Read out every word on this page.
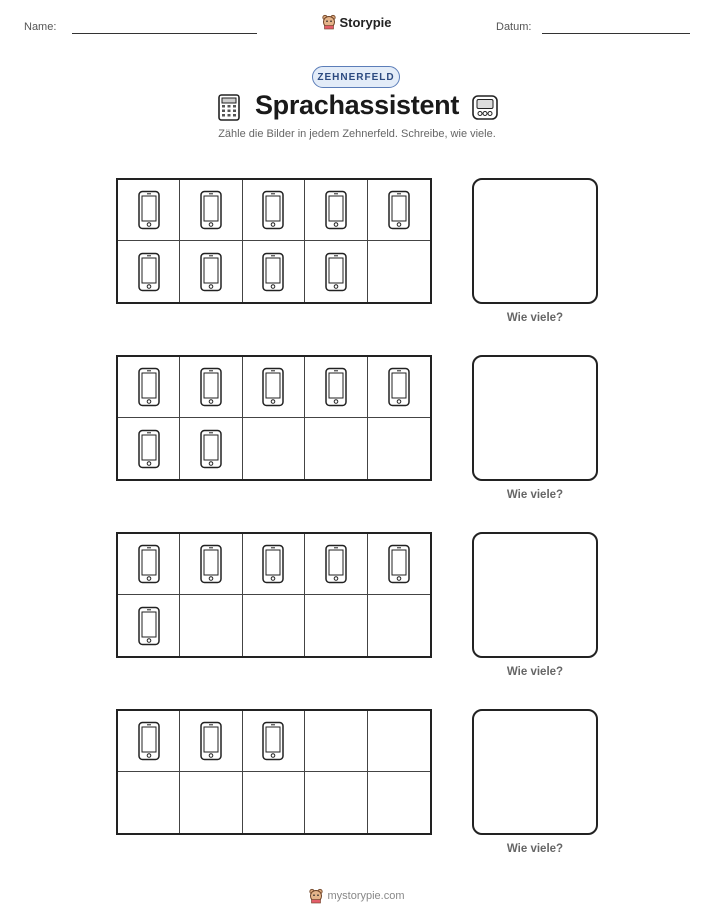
Name:	Storypie	Datum:
ZEHNERFELD
Sprachassistent
Zähle die Bilder in jedem Zehnerfeld. Schreibe, wie viele.
Wie viele?
Wie viele?
Wie viele?
Wie viele?
mystorypie.com
